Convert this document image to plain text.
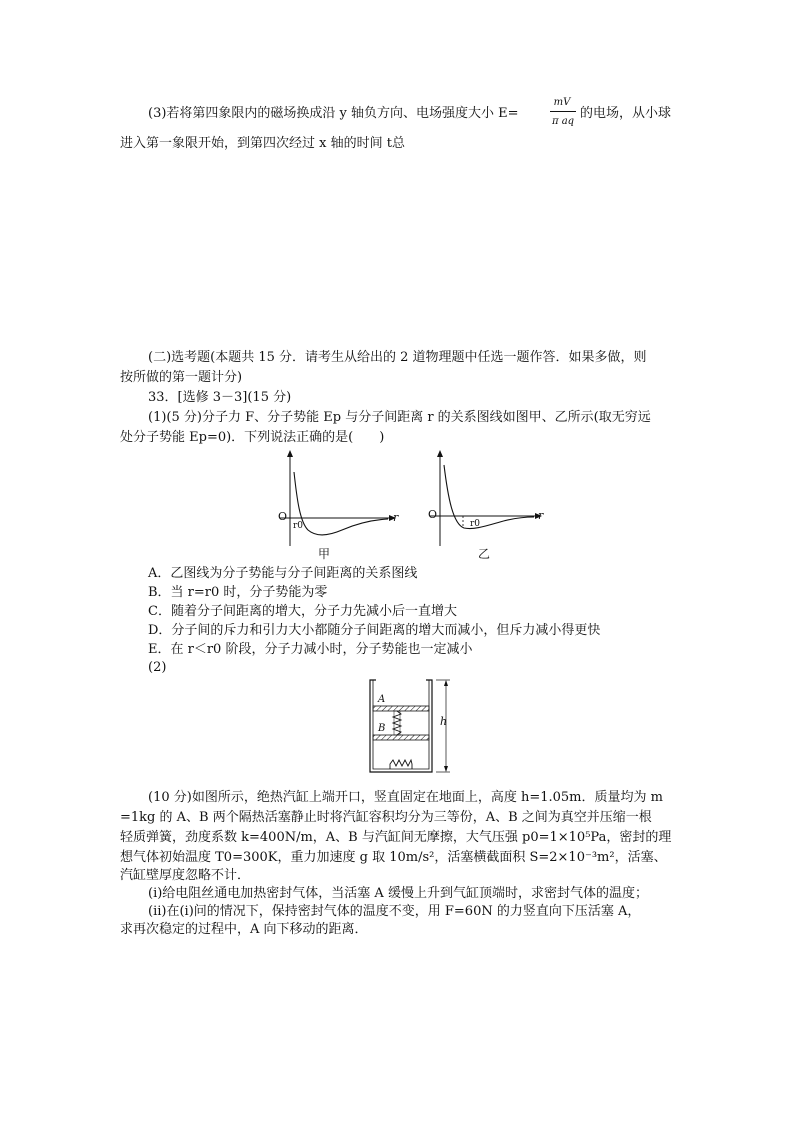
(3)若将第四象限内的磁场换成沿 y 轴负方向、电场强度大小 E=
mV
π aq
的电场，从小球
进入第一象限开始，到第四次经过 x 轴的时间 t总
(二)选考题(本题共 15 分．请考生从给出的 2 道物理题中任选一题作答．如果多做，则
按所做的第一题计分)
33．[选修 3－3](15 分)
(1)(5 分)分子力 F、分子势能 Ep 与分子间距离 r 的关系图线如图甲、乙所示(取无穷远
处分子势能 Ep=0)．下列说法正确的是(　　)
O
r0
r
甲
O
r0
r
乙
A．乙图线为分子势能与分子间距离的关系图线
B．当 r=r0 时，分子势能为零
C．随着分子间距离的增大，分子力先减小后一直增大
D．分子间的斥力和引力大小都随分子间距离的增大而减小，但斥力减小得更快
E．在 r＜r0 阶段，分子力减小时，分子势能也一定减小
(2)
A
B
h
(10 分)如图所示，绝热汽缸上端开口，竖直固定在地面上，高度 h=1.05m．质量均为 m
=1kg 的 A、B 两个隔热活塞静止时将汽缸容积均分为三等份，A、B 之间为真空并压缩一根
轻质弹簧，劲度系数 k=400N/m，A、B 与汽缸间无摩擦，大气压强 p0=1×10⁵Pa，密封的理
想气体初始温度 T0=300K，重力加速度 g 取 10m/s²，活塞横截面积 S=2×10⁻³m²，活塞、
汽缸壁厚度忽略不计．
(ⅰ)给电阻丝通电加热密封气体，当活塞 A 缓慢上升到气缸顶端时，求密封气体的温度；
(ⅱ)在(ⅰ)问的情况下，保持密封气体的温度不变，用 F=60N 的力竖直向下压活塞 A，
求再次稳定的过程中，A 向下移动的距离．
